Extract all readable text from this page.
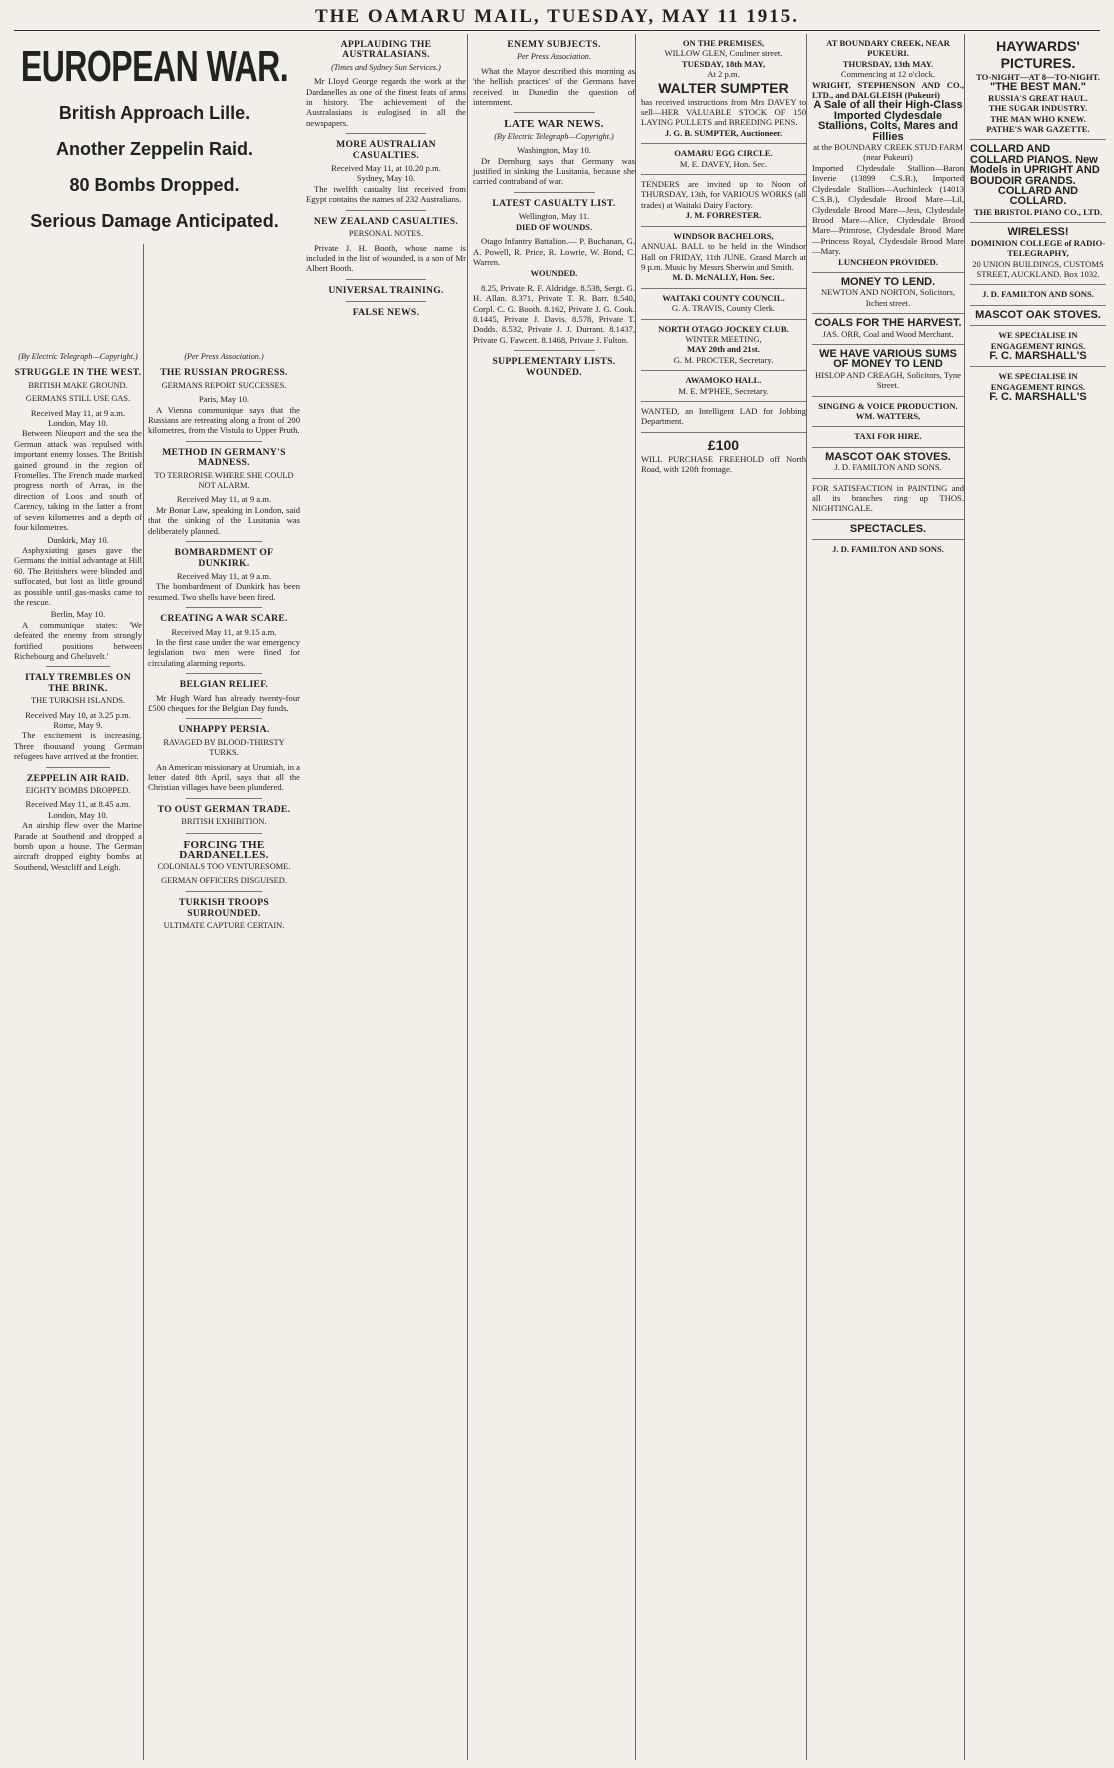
THE OAMARU MAIL, TUESDAY, MAY 11 1915.
(By Electric Telegraph—Copyright.)
STRUGGLE IN THE WEST.
BRITISH MAKE GROUND.
GERMANS STILL USE GAS.
Received May 11, at 9 a.m.
London, May 10.

Between Nieuport and the sea the German attack was repulsed with important enemy losses. The British gained ground in the region of Fromelles. The French made marked progress north of Arras, in the direction of Loos and south of Carency, taking in the latter a front of seven kilometres and a depth of four kilometres.

Dunkirk, May 10.

Asphyxiating gases gave the Germans the initial advantage at Hill 60. The Britishers were blinded and suffocated, but lost as little ground as possible until gas-masks came to the rescue.

Berlin, May 10.

A communique states: 'We defeated the enemy from strongly fortified positions between Richebourg and Gheluvelt.'

ITALY TREMBLES ON THE BRINK.
THE TURKISH ISLANDS.
Received May 10, at 3.25 p.m.
Rome, May 9.

The excitement is increasing. Three thousand young German refugees have arrived at the frontier.

ZEPPELIN AIR RAID.
EIGHTY BOMBS DROPPED.
Received May 11, at 8.45 a.m.
London, May 10.

An airship flew over the Marine Parade at Southend and dropped a bomb upon a house. The German aircraft dropped eighty bombs at Southend, Westcliff and Leigh.

(Per Press Association.)
THE RUSSIAN PROGRESS.
GERMANS REPORT SUCCESSES.
Paris, May 10.

A Vienna communique says that the Russians are retreating along a front of 200 kilometres, from the Vistula to Upper Pruth.

METHOD IN GERMANY'S MADNESS.
TO TERRORISE WHERE SHE COULD NOT ALARM.
Received May 11, at 9 a.m.

Mr Bonar Law, speaking in London, said that the sinking of the Lusitania was deliberately planned.

BOMBARDMENT OF DUNKIRK.
Received May 11, at 9 a.m.

The bombardment of Dunkirk has been resumed. Two shells have been fired.

CREATING A WAR SCARE.
Received May 11, at 9.15 a.m.

In the first case under the war emergency legislation two men were fined for circulating alarming reports.

BELGIAN RELIEF.

Mr Hugh Ward has already twenty-four £500 cheques for the Belgian Day funds.

UNHAPPY PERSIA.
RAVAGED BY BLOOD-THIRSTY TURKS.

An American missionary at Urumiah, in a letter dated 8th April, says that all the Christian villages have been plundered.

TO OUST GERMAN TRADE.
BRITISH EXHIBITION.
FORCING THE DARDANELLES.
COLONIALS TOO VENTURESOME.
GERMAN OFFICERS DISGUISED.
TURKISH TROOPS SURROUNDED.
ULTIMATE CAPTURE CERTAIN.
EUROPEAN WAR.
British Approach Lille.
Another Zeppelin Raid.
80 Bombs Dropped.
Serious Damage Anticipated.
APPLAUDING THE AUSTRALASIANS.
(Times and Sydney Sun Services.)

Mr Lloyd George regards the work at the Dardanelles as one of the finest feats of arms in history. The achievement of the Australasians is eulogised in all the newspapers.

MORE AUSTRALIAN CASUALTIES.
Received May 11, at 10.20 p.m.
Sydney, May 10.

The twelfth casualty list received from Egypt contains the names of 232 Australians.

NEW ZEALAND CASUALTIES.
PERSONAL NOTES.

Private J. H. Booth, whose name is included in the list of wounded, is a son of Mr Albert Booth.

UNIVERSAL TRAINING.
FALSE NEWS.
ENEMY SUBJECTS.
Per Press Association.

What the Mayor described this morning as 'the hellish practices' of the Germans have received in Dunedin the question of internment.

LATE WAR NEWS.
(By Electric Telegraph—Copyright.)
Washington, May 10.

Dr Dernburg says that Germany was justified in sinking the Lusitania, because she carried contraband of war.

LATEST CASUALTY LIST.
Wellington, May 11.
DIED OF WOUNDS.

Otago Infantry Battalion.— P. Buchanan, G. A. Powell, R. Price, R. Lowrie, W. Bond, C. Warren.

WOUNDED.

8.25, Private R. F. Aldridge. 8.538, Sergt. G. H. Allan. 8.371, Private T. R. Barr. 8.540, Corpl. C. G. Booth. 8.162, Private J. G. Cook. 8.1445, Private J. Davis. 8.578, Private T. Dodds. 8.532, Private J. J. Durrant. 8.1437, Private G. Fawcett. 8.1468, Private J. Fulton.

SUPPLEMENTARY LISTS. WOUNDED.
ON THE PREMISES,
WILLOW GLEN, Coulmer street.
TUESDAY, 18th MAY,
At 2 p.m.
WALTER SUMPTER
has received instructions from Mrs DAVEY to sell—HER VALUABLE STOCK OF 150 LAYING PULLETS and BREEDING PENS.
J. G. B. SUMPTER, Auctioneer.
OAMARU EGG CIRCLE.
M. E. DAVEY, Hon. Sec.
TENDERS are invited up to Noon of THURSDAY, 13th, for VARIOUS WORKS (all trades) at Waitaki Dairy Factory.
J. M. FORRESTER.
WINDSOR BACHELORS,
ANNUAL BALL to be held in the Windsor Hall on FRIDAY, 11th JUNE. Grand March at 9 p.m. Music by Messrs Sherwin and Smith.
M. D. McNALLY, Hon. Sec.
WAITAKI COUNTY COUNCIL.
G. A. TRAVIS, County Clerk.
NORTH OTAGO JOCKEY CLUB.
WINTER MEETING,
MAY 20th and 21st.
G. M. PROCTER, Secretary.
AWAMOKO HALL.
M. E. M'PHEE, Secretary.
WANTED, an Intelligent LAD for Jobbing Department.
£100
WILL PURCHASE FREEHOLD off North Road, with 120ft frontage.
AT BOUNDARY CREEK, NEAR PUKEURI.
THURSDAY, 13th MAY.
Commencing at 12 o'clock.
WRIGHT, STEPHENSON AND CO., LTD., and DALGLEISH (Pukeuri)
A Sale of all their High-Class Imported Clydesdale Stallions, Colts, Mares and Fillies
at the BOUNDARY CREEK STUD FARM (near Pukeuri)
Imported Clydesdale Stallion—Baron Inverie (13899 C.S.B.), Imported Clydesdale Stallion—Auchinleck (14013 C.S.B.), Clydesdale Brood Mare—Lil, Clydesdale Brood Mare—Jess, Clydesdale Brood Mare—Alice, Clydesdale Brood Mare—Primrose, Clydesdale Brood Mare—Princess Royal, Clydesdale Brood Mare—Mary.
LUNCHEON PROVIDED.
MONEY TO LEND.
NEWTON AND NORTON, Solicitors, Itchen street.
COALS FOR THE HARVEST.
JAS. ORR, Coal and Wood Merchant.
WE HAVE VARIOUS SUMS OF MONEY TO LEND
HISLOP AND CREAGH, Solicitors, Tyne Street.
SINGING & VOICE PRODUCTION.
WM. WATTERS,
TAXI FOR HIRE.
MASCOT OAK STOVES.
J. D. FAMILTON AND SONS.
FOR SATISFACTION in PAINTING and all its branches ring up THOS. NIGHTINGALE.
SPECTACLES.
J. D. FAMILTON AND SONS.
HAYWARDS' PICTURES.
TO-NIGHT—AT 8—TO-NIGHT.
"THE BEST MAN."
RUSSIA'S GREAT HAUL.
THE SUGAR INDUSTRY.
THE MAN WHO KNEW.
PATHE'S WAR GAZETTE.
COLLARD AND COLLARD PIANOS. New Models in UPRIGHT AND BOUDOIR GRANDS.
COLLARD AND COLLARD.
THE BRISTOL PIANO CO., LTD.
WIRELESS!
DOMINION COLLEGE of RADIO-TELEGRAPHY,
20 UNION BUILDINGS, CUSTOMS STREET, AUCKLAND. Box 1032.
J. D. FAMILTON AND SONS.
MASCOT OAK STOVES.
WE SPECIALISE IN ENGAGEMENT RINGS.
F. C. MARSHALL'S
WE SPECIALISE IN ENGAGEMENT RINGS.
F. C. MARSHALL'S
